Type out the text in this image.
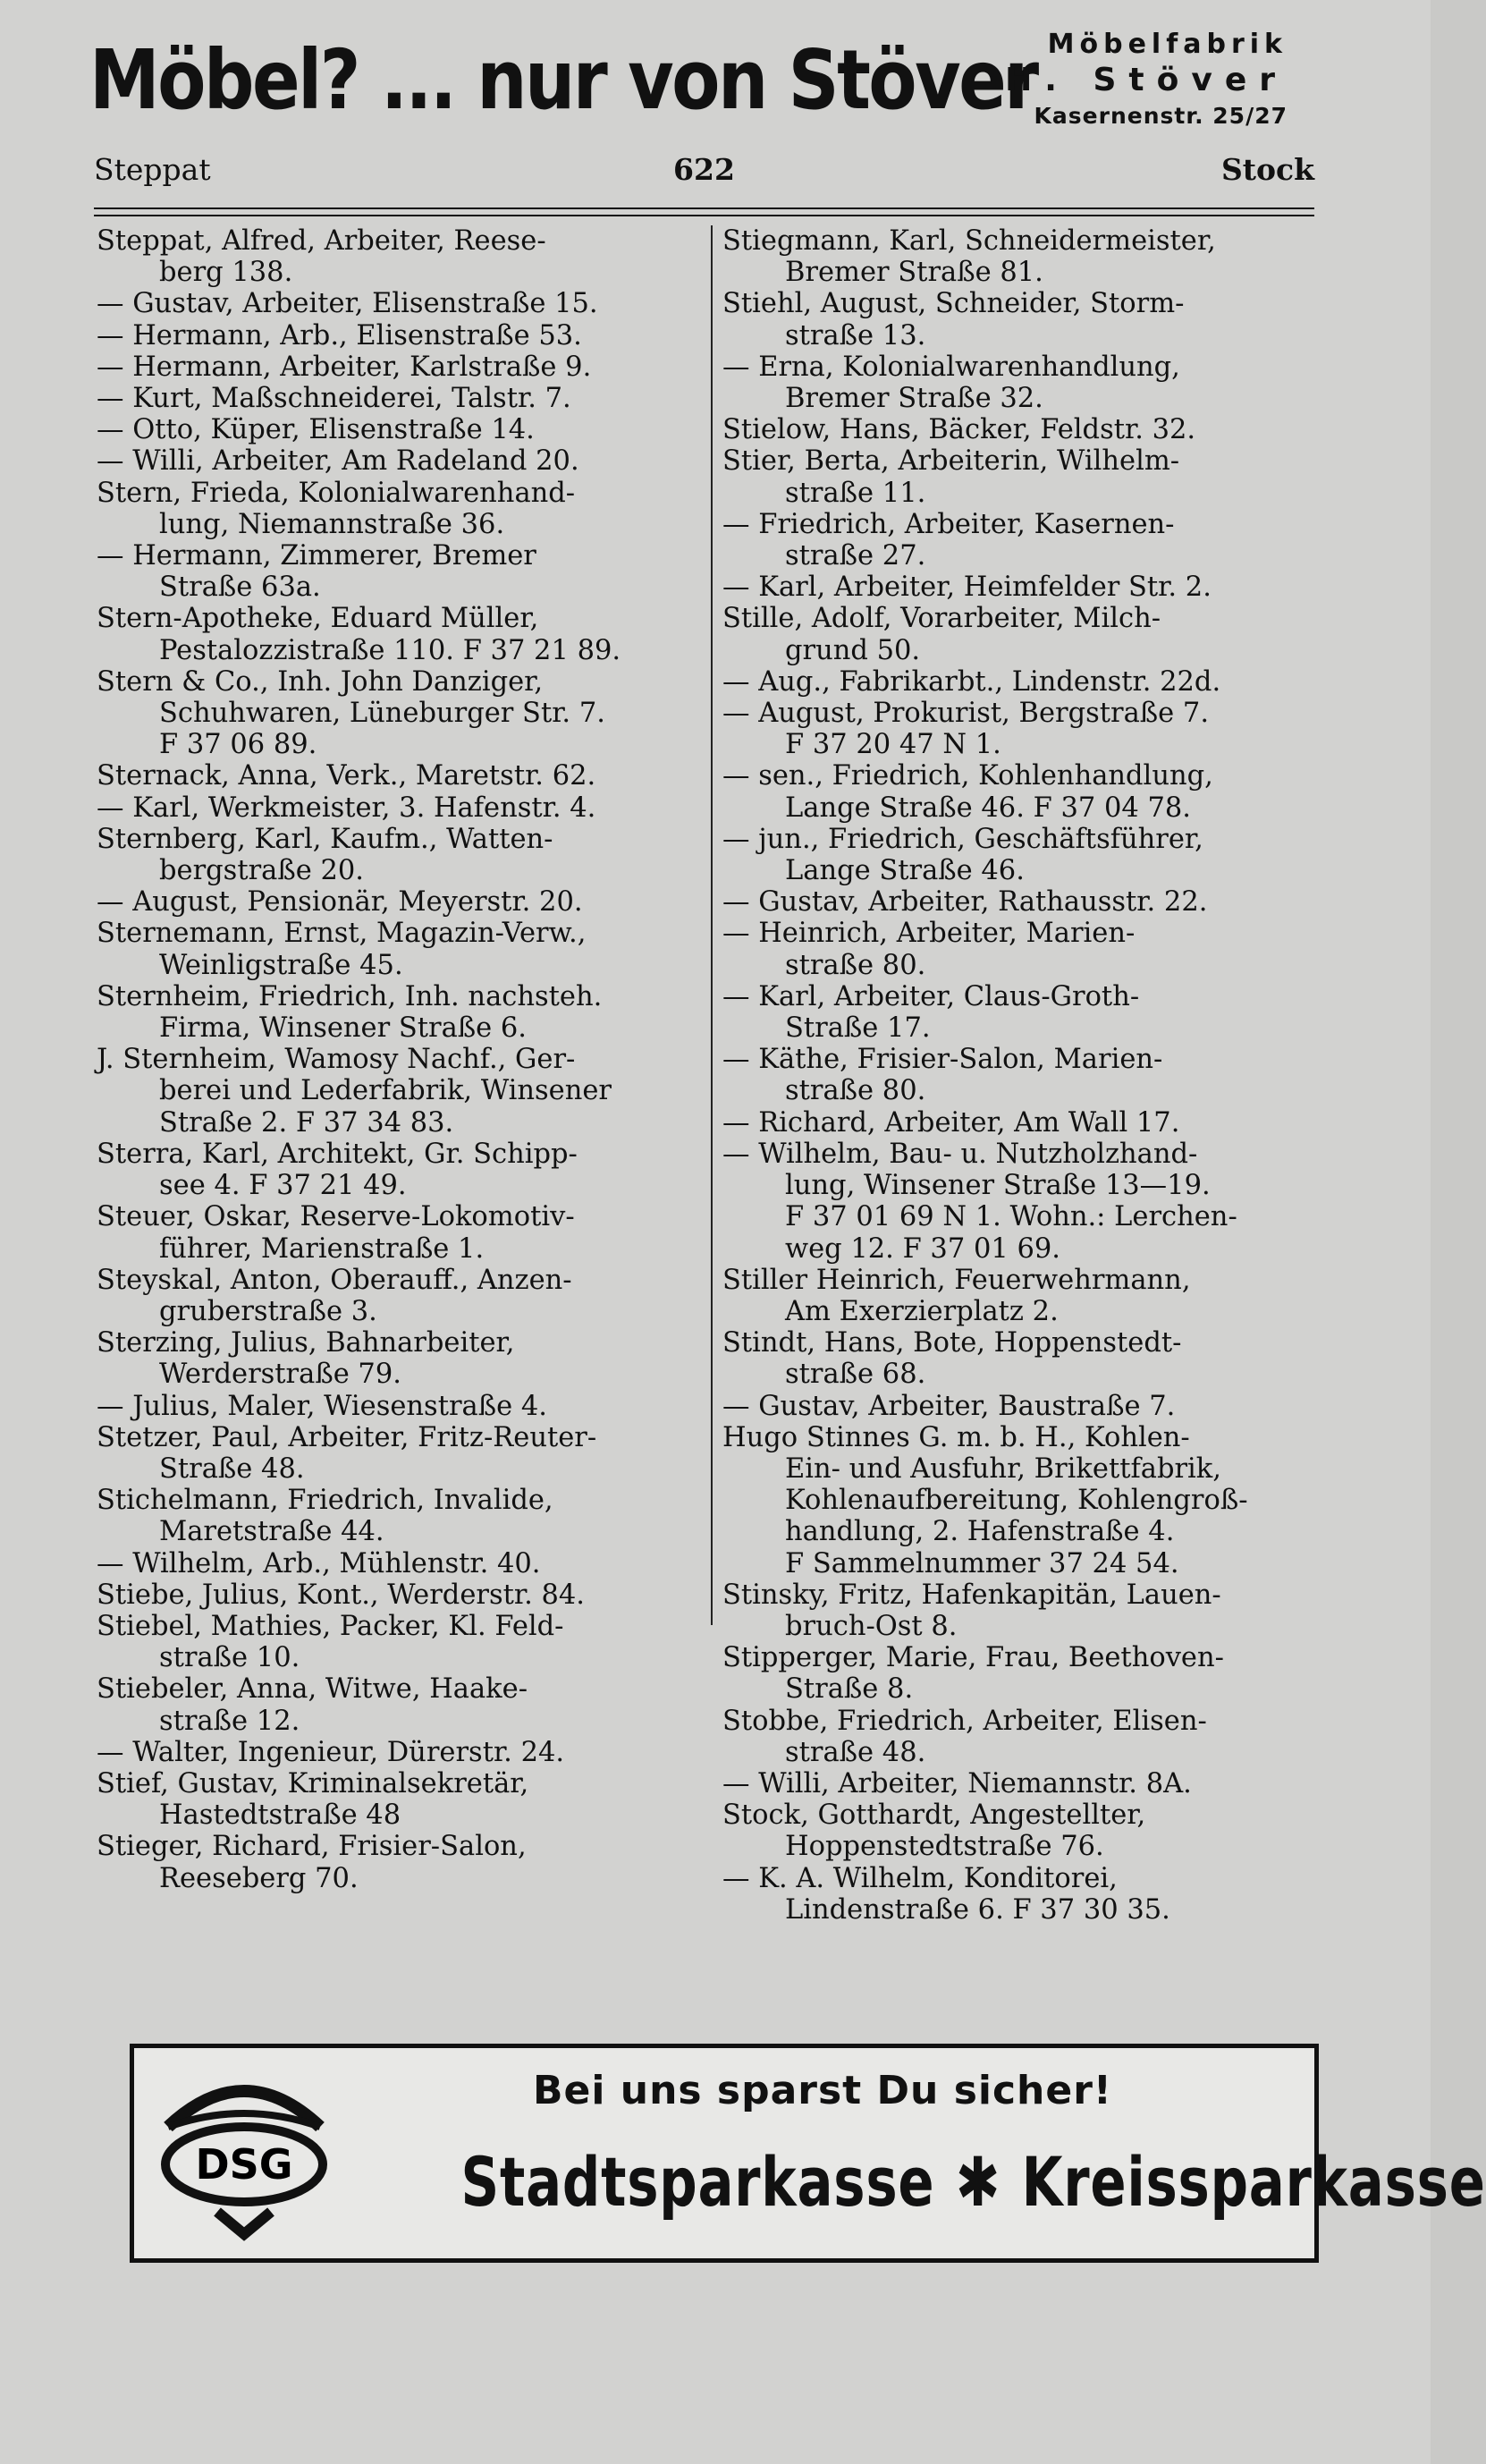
Möbel? ... nur von Stöver Möbelfabrik
H. Stöver
Kasernenstr. 25/27
Steppat	622	Stock
Steppat, Alfred, Arbeiter, Reese-
berg 138.
— Gustav, Arbeiter, Elisenstraße 15.
— Hermann, Arb., Elisenstraße 53.
— Hermann, Arbeiter, Karlstraße 9.
— Kurt, Maßschneiderei, Talstr. 7.
— Otto, Küper, Elisenstraße 14.
— Willi, Arbeiter, Am Radeland 20.
Stern, Frieda, Kolonialwarenhand-
lung, Niemannstraße 36.
— Hermann, Zimmerer, Bremer
Straße 63a.
Stern-Apotheke, Eduard Müller,
Pestalozzistraße 110. F 37 21 89.
Stern & Co., Inh. John Danziger,
Schuhwaren, Lüneburger Str. 7.
F 37 06 89.
Sternack, Anna, Verk., Maretstr. 62.
— Karl, Werkmeister, 3. Hafenstr. 4.
Sternberg, Karl, Kaufm., Watten-
bergstraße 20.
— August, Pensionär, Meyerstr. 20.
Sternemann, Ernst, Magazin-Verw.,
Weinligstraße 45.
Sternheim, Friedrich, Inh. nachsteh.
Firma, Winsener Straße 6.
J. Sternheim, Wamosy Nachf., Ger-
berei und Lederfabrik, Winsener
Straße 2. F 37 34 83.
Sterra, Karl, Architekt, Gr. Schipp-
see 4. F 37 21 49.
Steuer, Oskar, Reserve-Lokomotiv-
führer, Marienstraße 1.
Steyskal, Anton, Oberauff., Anzen-
gruberstraße 3.
Sterzing, Julius, Bahnarbeiter,
Werderstraße 79.
— Julius, Maler, Wiesenstraße 4.
Stetzer, Paul, Arbeiter, Fritz-Reuter-
Straße 48.
Stichelmann, Friedrich, Invalide,
Maretstraße 44.
— Wilhelm, Arb., Mühlenstr. 40.
Stiebe, Julius, Kont., Werderstr. 84.
Stiebel, Mathies, Packer, Kl. Feld-
straße 10.
Stiebeler, Anna, Witwe, Haake-
straße 12.
— Walter, Ingenieur, Dürerstr. 24.
Stief, Gustav, Kriminalsekretär,
Hastedtstraße 48
Stieger, Richard, Frisier-Salon,
Reeseberg 70.
Stiegmann, Karl, Schneidermeister,
Bremer Straße 81.
Stiehl, August, Schneider, Storm-
straße 13.
— Erna, Kolonialwarenhandlung,
Bremer Straße 32.
Stielow, Hans, Bäcker, Feldstr. 32.
Stier, Berta, Arbeiterin, Wilhelm-
straße 11.
— Friedrich, Arbeiter, Kasernen-
straße 27.
— Karl, Arbeiter, Heimfelder Str. 2.
Stille, Adolf, Vorarbeiter, Milch-
grund 50.
— Aug., Fabrikarbt., Lindenstr. 22d.
— August, Prokurist, Bergstraße 7.
F 37 20 47 N 1.
— sen., Friedrich, Kohlenhandlung,
Lange Straße 46. F 37 04 78.
— jun., Friedrich, Geschäftsführer,
Lange Straße 46.
— Gustav, Arbeiter, Rathausstr. 22.
— Heinrich, Arbeiter, Marien-
straße 80.
— Karl, Arbeiter, Claus-Groth-
Straße 17.
— Käthe, Frisier-Salon, Marien-
straße 80.
— Richard, Arbeiter, Am Wall 17.
— Wilhelm, Bau- u. Nutzholzhand-
lung, Winsener Straße 13—19.
F 37 01 69 N 1. Wohn.: Lerchen-
weg 12. F 37 01 69.
Stiller Heinrich, Feuerwehrmann,
Am Exerzierplatz 2.
Stindt, Hans, Bote, Hoppenstedt-
straße 68.
— Gustav, Arbeiter, Baustraße 7.
Hugo Stinnes G. m. b. H., Kohlen-
Ein- und Ausfuhr, Brikettfabrik,
Kohlenaufbereitung, Kohlengroß-
handlung, 2. Hafenstraße 4.
F Sammelnummer 37 24 54.
Stinsky, Fritz, Hafenkapitän, Lauen-
bruch-Ost 8.
Stipperger, Marie, Frau, Beethoven-
Straße 8.
Stobbe, Friedrich, Arbeiter, Elisen-
straße 48.
— Willi, Arbeiter, Niemannstr. 8A.
Stock, Gotthardt, Angestellter,
Hoppenstedtstraße 76.
— K. A. Wilhelm, Konditorei,
Lindenstraße 6. F 37 30 35.
DSG
Bei uns sparst Du sicher!
Stadtsparkasse ✱ Kreissparkasse
